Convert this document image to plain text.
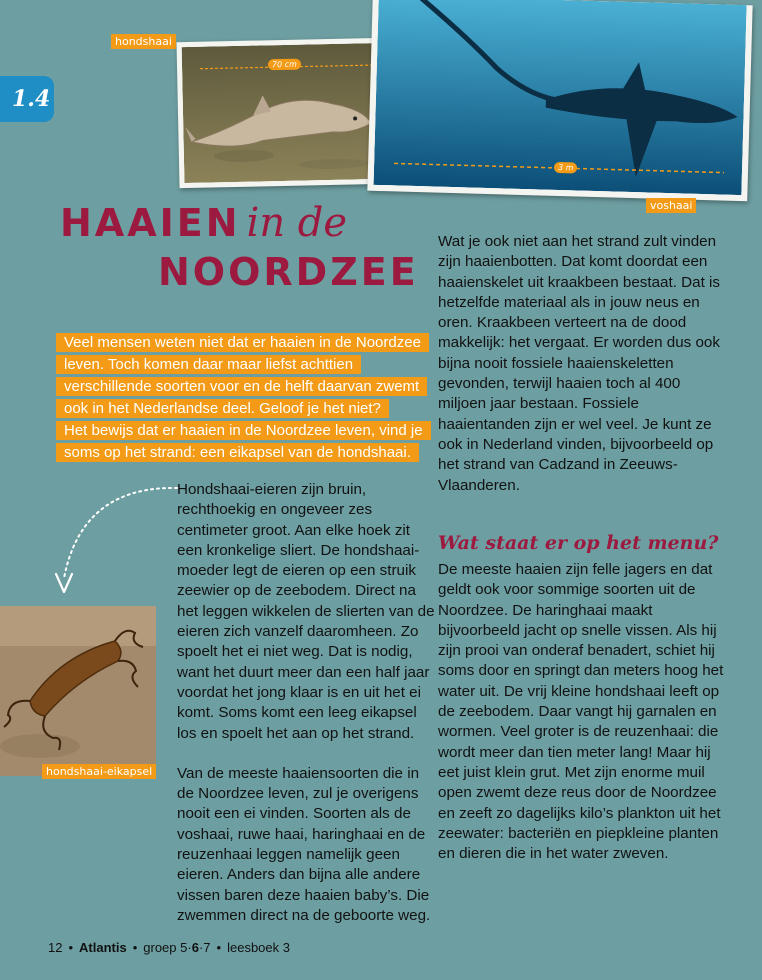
1.4
hondshaai
70 cm
3 m
voshaai
HAAIEN in de
NOORDZEE

Veel mensen weten niet dat er haaien in de Noordzee leven. Toch komen daar maar liefst achttien verschillende soorten voor en de helft daarvan zwemt ook in het Nederlandse deel. Geloof je het niet?

Het bewijs dat er haaien in de Noordzee leven, vind je soms op het strand: een eikapsel van de hondshaai.

hondshaai-eikapsel

Hondshaai-eieren zijn bruin, rechthoekig en ongeveer zes centimeter groot. Aan elke hoek zit een kronkelige sliert. De hondshaai-moeder legt de eieren op een struik zeewier op de zeebodem. Direct na het leggen wikkelen de slierten van de eieren zich vanzelf daaromheen. Zo spoelt het ei niet weg. Dat is nodig, want het duurt meer dan een half jaar voordat het jong klaar is en uit het ei komt. Soms komt een leeg eikapsel los en spoelt het aan op het strand.

Van de meeste haaiensoorten die in de Noordzee leven, zul je overigens nooit een ei vinden. Soorten als de voshaai, ruwe haai, haringhaai en de reuzenhaai leggen namelijk geen eieren. Anders dan bijna alle andere vissen baren deze haaien baby’s. Die zwemmen direct na de geboorte weg.

Wat je ook niet aan het strand zult vinden zijn haaienbotten. Dat komt doordat een haaienskelet uit kraakbeen bestaat. Dat is hetzelfde materiaal als in jouw neus en oren. Kraakbeen verteert na de dood makkelijk: het vergaat. Er worden dus ook bijna nooit fossiele haaienskeletten gevonden, terwijl haaien toch al 400 miljoen jaar bestaan. Fossiele haaientanden zijn er wel veel. Je kunt ze ook in Nederland vinden, bijvoorbeeld op het strand van Cadzand in Zeeuws-Vlaanderen.

Wat staat er op het menu?

De meeste haaien zijn felle jagers en dat geldt ook voor sommige soorten uit de Noordzee. De haringhaai maakt bijvoorbeeld jacht op snelle vissen. Als hij zijn prooi van onderaf benadert, schiet hij soms door en springt dan meters hoog het water uit. De vrij kleine hondshaai leeft op de zeebodem. Daar vangt hij garnalen en wormen. Veel groter is de reuzenhaai: die wordt meer dan tien meter lang! Maar hij eet juist klein grut. Met zijn enorme muil open zwemt deze reus door de Noordzee en zeeft zo dagelijks kilo’s plankton uit het zeewater: bacteriën en piepkleine planten en dieren die in het water zweven.

12 • Atlantis • groep 5·6·7 • leesboek 3
